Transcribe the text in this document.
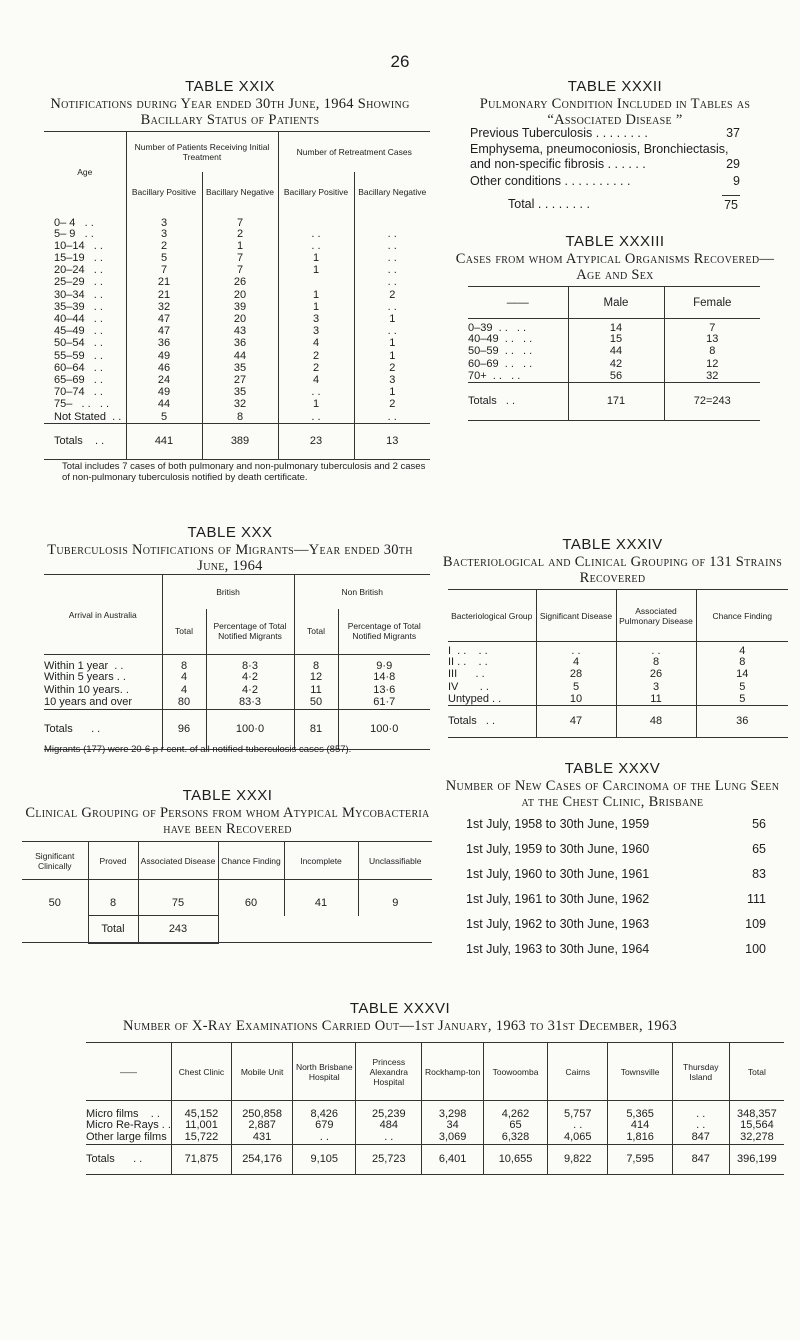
26
TABLE XXIX
Notifications during Year ended 30th June, 1964 Showing Bacillary Status of Patients
Age	Number of Patients Receiving Initial Treatment		Number of Retreatment Cases	
	Bacillary Positive	Bacillary Negative	Bacillary Positive	Bacillary Negative
0– 4   . .	3	7		
5– 9   . .	3	2	. .	. .
10–14   . .	2	1	. .	. .
15–19   . .	5	7	1	. .
20–24   . .	7	7	1	. .
25–29   . .	21	26		. .
30–34   . .	21	20	1	2
35–39   . .	32	39	1	. .
40–44   . .	47	20	3	1
45–49   . .	47	43	3	. .
50–54   . .	36	36	4	1
55–59   . .	49	44	2	1
60–64   . .	46	35	2	2
65–69   . .	24	27	4	3
70–74   . .	49	35	. .	1
75–   . .   . .	44	32	1	2
Not Stated  . .	5	8	. .	. .
Totals    . .	441	389	23	13
Total includes 7 cases of both pulmonary and non-pulmonary tuberculosis and 2 cases of non-pulmonary tuberculosis notified by death certificate.
TABLE XXXII
Pulmonary Condition Included in Tables as “Associated Disease ”
Previous Tuberculosis . . . . . . . .	37
Emphysema, pneumoconiosis, Bronchiectasis,
and non-specific fibrosis . . . . . .	29
Other conditions . . . . . . . . . .	9
Total . . . . . . . .	75
TABLE XXXIII
Cases from whom Atypical Organisms Recovered—Age and Sex
——	Male	Female
0–39  . .   . .	14	7
40–49  . .   . .	15	13
50–59  . .   . .	44	8
60–69  . .   . .	42	12
70+  . .   . .	56	32
Totals   . .	171	72=243
TABLE XXX
Tuberculosis Notifications of Migrants—Year ended 30th June, 1964
Arrival in Australia	British		Non British	
	Total	Percentage of Total Notified Migrants	Total	Percentage of Total Notified Migrants
Within 1 year  . .	8	8·3	8	9·9
Within 5 years . .	4	4·2	12	14·8
Within 10 years. .	4	4·2	11	13·6
10 years and over	80	83·3	50	61·7
Totals      . .	96	100·0	81	100·0
Migrants (177) were 20·6 p r cent. of all notified tuberculosis cases (857).
TABLE XXXIV
Bacteriological and Clinical Grouping of 131 Strains Recovered
Bacteriological Group	Significant Disease	Associated Pulmonary Disease	Chance Finding
I  . .    . .	. .	. .	4
II . .    . .	4	8	8
III      . .	28	26	14
IV       . .	5	3	5
Untyped . .	10	11	5
Totals   . .	47	48	36
TABLE XXXI
Clinical Grouping of Persons from whom Atypical Mycobacteria have been Recovered
Significant Clinically	Proved	Associated Disease	Chance Finding	Incomplete	Unclassifiable
50	8	75	60	41	9
	Total	243			
TABLE XXXV
Number of New Cases of Carcinoma of the Lung Seen at the Chest Clinic, Brisbane
1st July, 1958 to 30th June, 1959	56
1st July, 1959 to 30th June, 1960	65
1st July, 1960 to 30th June, 1961	83
1st July, 1961 to 30th June, 1962	111
1st July, 1962 to 30th June, 1963	109
1st July, 1963 to 30th June, 1964	100
TABLE XXXVI
Number of X-Ray Examinations Carried Out—1st January, 1963 to 31st December, 1963
——	Chest Clinic	Mobile Unit	North Brisbane Hospital	Princess Alexandra Hospital	Rockhamp-ton	Toowoomba	Cairns	Townsville	Thursday Island	Total
Micro films    . .	45,152	250,858	8,426	25,239	3,298	4,262	5,757	5,365	. .	348,357
Micro Re-Rays . .	11,001	2,887	679	484	34	65	. .	414	. .	15,564
Other large films	15,722	431	. .	. .	3,069	6,328	4,065	1,816	847	32,278
Totals      . .	71,875	254,176	9,105	25,723	6,401	10,655	9,822	7,595	847	396,199
